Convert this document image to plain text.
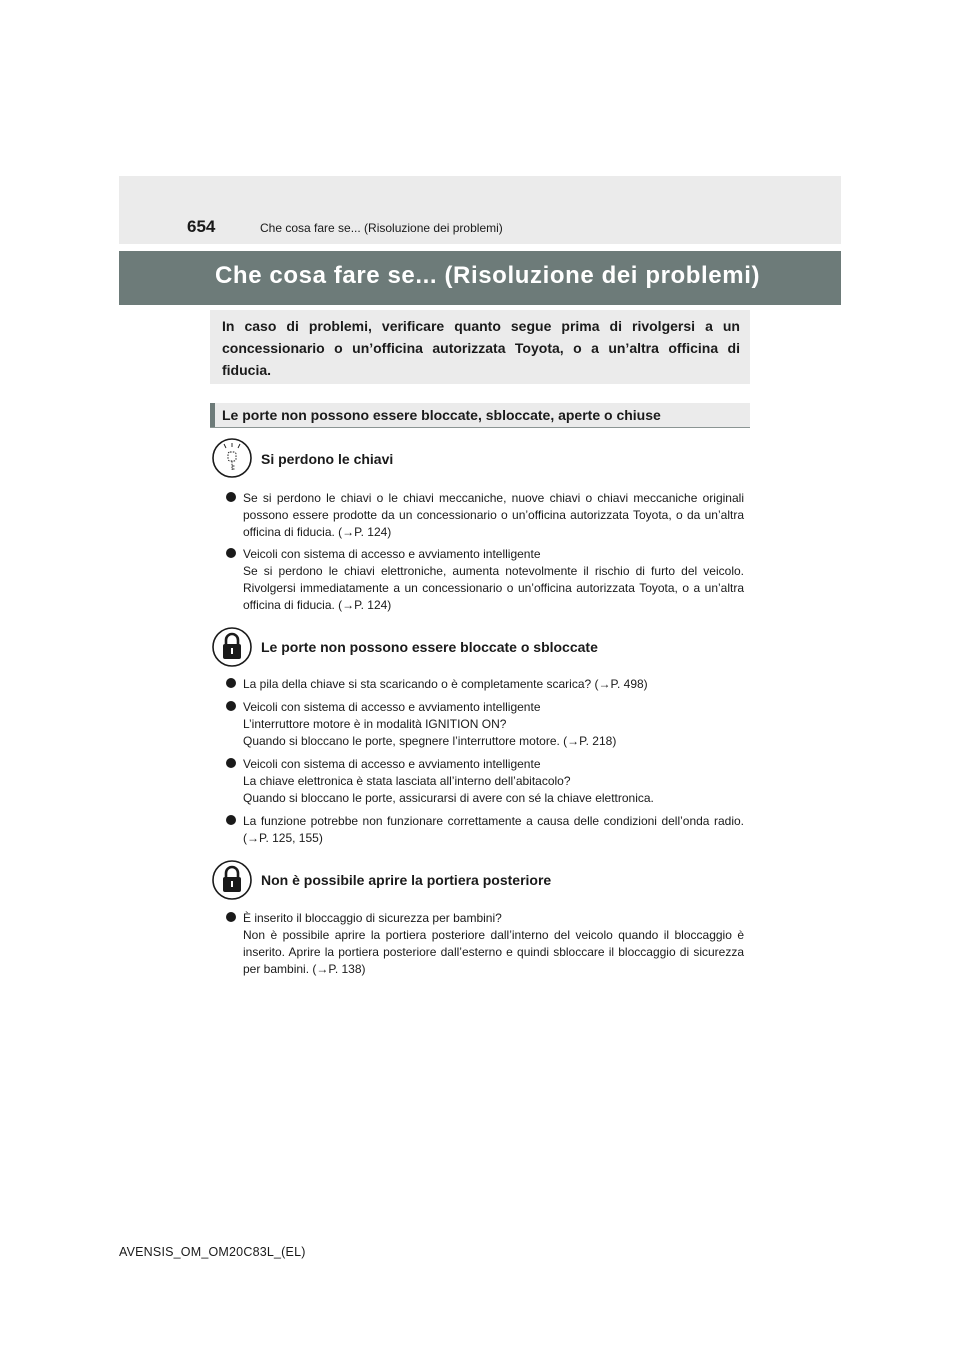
654	Che cosa fare se... (Risoluzione dei problemi)
Che cosa fare se... (Risoluzione dei problemi)
In caso di problemi, verificare quanto segue prima di rivolgersi a un concessionario o un’officina autorizzata Toyota, o a un’altra officina di fiducia.
Le porte non possono essere bloccate, sbloccate, aperte o chiuse
Si perdono le chiavi
Se si perdono le chiavi o le chiavi meccaniche, nuove chiavi o chiavi meccaniche originali possono essere prodotte da un concessionario o un’officina autorizzata Toyota, o da un’altra officina di fiducia. (→P. 124)
Veicoli con sistema di accesso e avviamento intelligente
Se si perdono le chiavi elettroniche, aumenta notevolmente il rischio di furto del veicolo. Rivolgersi immediatamente a un concessionario o un’officina autorizzata Toyota, o a un’altra officina di fiducia. (→P. 124)
Le porte non possono essere bloccate o sbloccate
La pila della chiave si sta scaricando o è completamente scarica? (→P. 498)
Veicoli con sistema di accesso e avviamento intelligente
L’interruttore motore è in modalità IGNITION ON?
Quando si bloccano le porte, spegnere l’interruttore motore. (→P. 218)
Veicoli con sistema di accesso e avviamento intelligente
La chiave elettronica è stata lasciata all’interno dell’abitacolo?
Quando si bloccano le porte, assicurarsi di avere con sé la chiave elettronica.
La funzione potrebbe non funzionare correttamente a causa delle condizioni dell’onda radio. (→P. 125, 155)
Non è possibile aprire la portiera posteriore
È inserito il bloccaggio di sicurezza per bambini?
Non è possibile aprire la portiera posteriore dall’interno del veicolo quando il bloccaggio è inserito. Aprire la portiera posteriore dall’esterno e quindi sbloccare il bloccaggio di sicurezza per bambini. (→P. 138)
AVENSIS_OM_OM20C83L_(EL)
